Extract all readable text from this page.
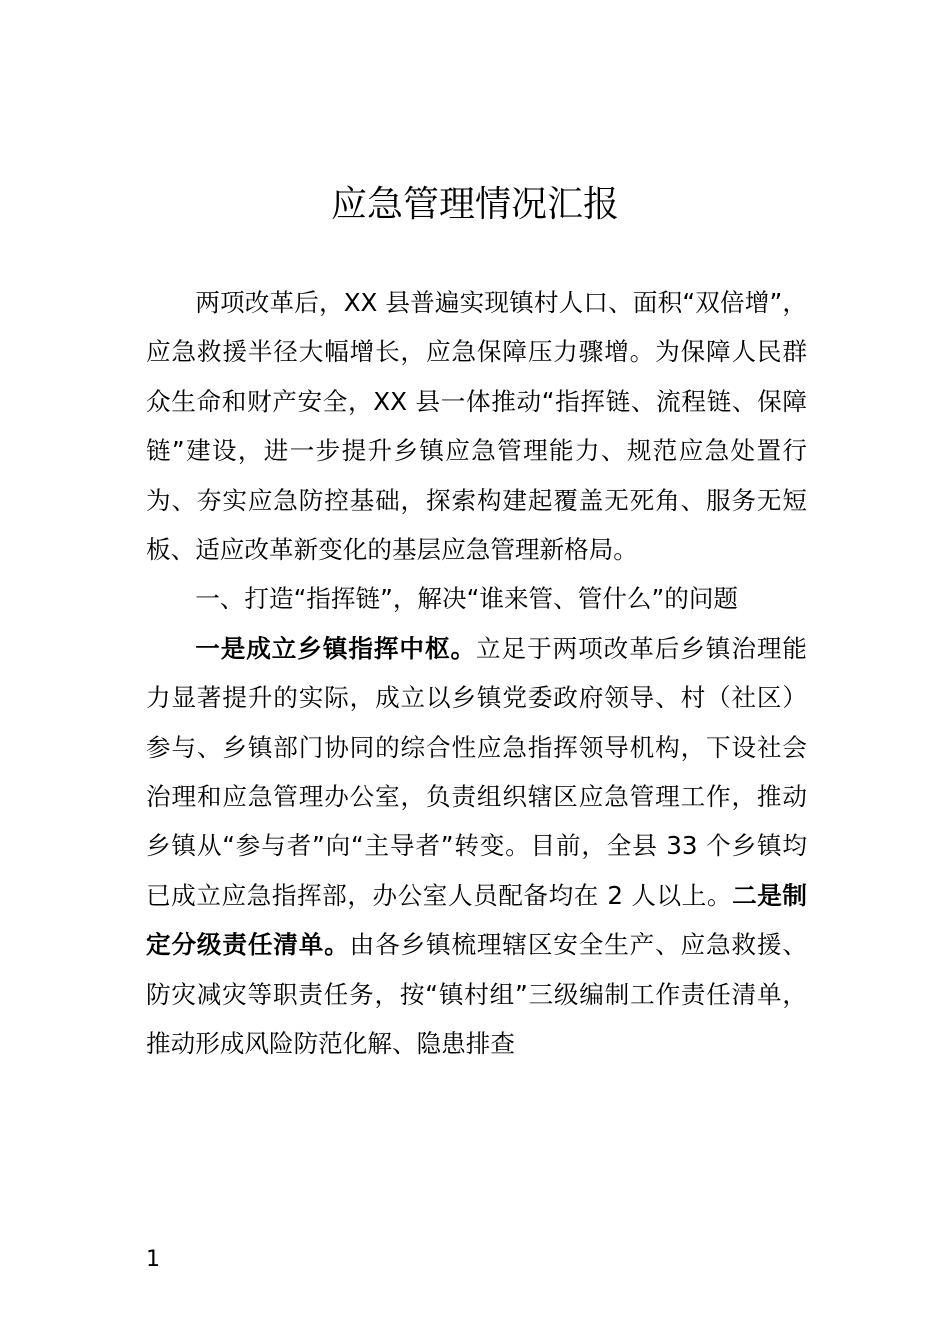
应急管理情况汇报

两项改革后，XX 县普遍实现镇村人口、面积“双倍增”，应急救援半径大幅增长，应急保障压力骤增。为保障人民群众生命和财产安全，XX 县一体推动“指挥链、流程链、保障链”建设，进一步提升乡镇应急管理能力、规范应急处置行为、夯实应急防控基础，探索构建起覆盖无死角、服务无短板、适应改革新变化的基层应急管理新格局。

一、打造“指挥链”，解决“谁来管、管什么”的问题

一是成立乡镇指挥中枢。立足于两项改革后乡镇治理能力显著提升的实际，成立以乡镇党委政府领导、村（社区）参与、乡镇部门协同的综合性应急指挥领导机构，下设社会治理和应急管理办公室，负责组织辖区应急管理工作，推动乡镇从“参与者”向“主导者”转变。目前，全县 33 个乡镇均已成立应急指挥部，办公室人员配备均在 2 人以上。二是制定分级责任清单。由各乡镇梳理辖区安全生产、应急救援、防灾减灾等职责任务，按“镇村组”三级编制工作责任清单，推动形成风险防范化解、隐患排查

1
